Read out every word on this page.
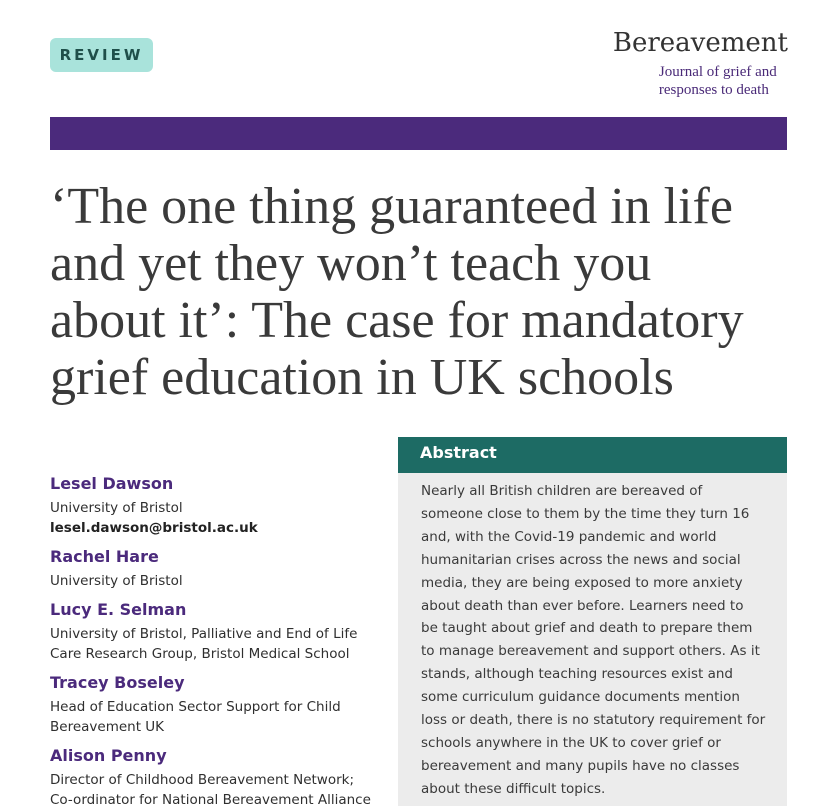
REVIEW	Bereavement
Journal of grief and
responses to death
‘The one thing guaranteed in life
and yet they won’t teach you
about it’: The case for mandatory
grief education in UK schools
Lesel Dawson
University of Bristol lesel.dawson@bristol.ac.uk
Rachel Hare
University of Bristol
Lucy E. Selman
University of Bristol, Palliative and End of Life
Care Research Group, Bristol Medical School
Tracey Boseley
Head of Education Sector Support for Child
Bereavement UK
Alison Penny
Director of Childhood Bereavement Network;
Co-ordinator for National Bereavement Alliance
Abstract
Nearly all British children are bereaved of
someone close to them by the time they turn 16
and, with the Covid-19 pandemic and world
humanitarian crises across the news and social
media, they are being exposed to more anxiety
about death than ever before. Learners need to
be taught about grief and death to prepare them
to manage bereavement and support others. As it
stands, although teaching resources exist and
some curriculum guidance documents mention
loss or death, there is no statutory requirement for
schools anywhere in the UK to cover grief or
bereavement and many pupils have no classes
about these difficult topics.
